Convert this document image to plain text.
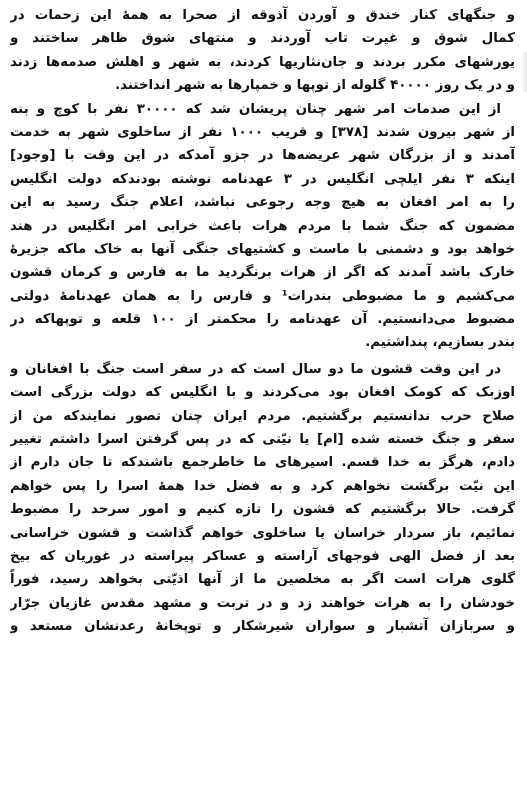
و جنگهای کنار خندق و آوردن آذوقه از صحرا به همهٔ این زحمات در
کمال شوق و غیرت تاب آوردند و منتهای شوق ظاهر ساختند و
یورشهای مکرر بردند و جان‌نثاریها کردند، به شهر و اهلش صدمه‌ها زدند
و در یک روز ۴۰۰۰۰ گلوله از توپها و خمپارها به شهر انداختند.
از این صدمات امر شهر چنان پریشان شد که ۳۰۰۰۰ نفر با کوچ و بنه
از شهر بیرون شدند [۳۷۸] و قریب ۱۰۰۰ نفر از ساخلوی شهر به خدمت
آمدند و از بزرگان شهر عریضه‌ها در جزو آمدکه در این وقت با [وجود]
اینکه ۳ نفر ایلچی انگلیس در ۳ عهدنامه نوشته بودندکه دولت انگلیس
را به امر افغان به هیچ وجه رجوعی نباشد، اعلام جنگ رسید به این
مضمون که جنگ شما با مردم هرات باعث خرابی امر انگلیس در هند
خواهد بود و دشمنی با ماست و کشتیهای جنگی آنها به خاک ماکه جزیرهٔ
خارک باشد آمدند که اگر از هرات برنگردید ما به فارس و کرمان قشون
می‌کشیم و ما مضبوطی بندرات¹ و فارس را به همان عهدنامهٔ دولتی
مضبوط می‌دانستیم. آن عهدنامه را محکمتر از ۱۰۰ قلعه و توپهاکه در
بندر بسازیم، پنداشتیم.
در این وقت قشون ما دو سال است که در سفر است جنگ با افغانان و
اوزبک که کومک افغان بود می‌کردند و با انگلیس که دولت بزرگی است
صلاح حرب ندانستیم برگشتیم. مردم ایران چنان تصور نمایندکه من از
سفر و جنگ خسته شده [ام] یا نیّتی که در پس گرفتن اسرا داشتم تغییر
دادم، هرگز به خدا قسم. اسیرهای ما خاطرجمع باشندکه تا جان دارم از
این نیّت برگشت نخواهم کرد و به فضل خدا همهٔ اسرا را پس خواهم
گرفت. حالا برگشتیم که قشون را تازه کنیم و امور سرحد را مضبوط
نمائیم، باز سردار خراسان یا ساخلوی خواهم گذاشت و قشون خراسانی
بعد از فضل الهی فوجهای آراسته و عساکر پیراسته در غوریان که بیخ
گلوی هرات است اگر به مخلصین ما از آنها اذیّتی بخواهد رسید، فوراً
خودشان را به هرات خواهند زد و در تربت و مشهد مقدس غازیان جرّار
و سربازان آتشبار و سواران شیرشکار و توپخانهٔ رعدنشان مستعد و
